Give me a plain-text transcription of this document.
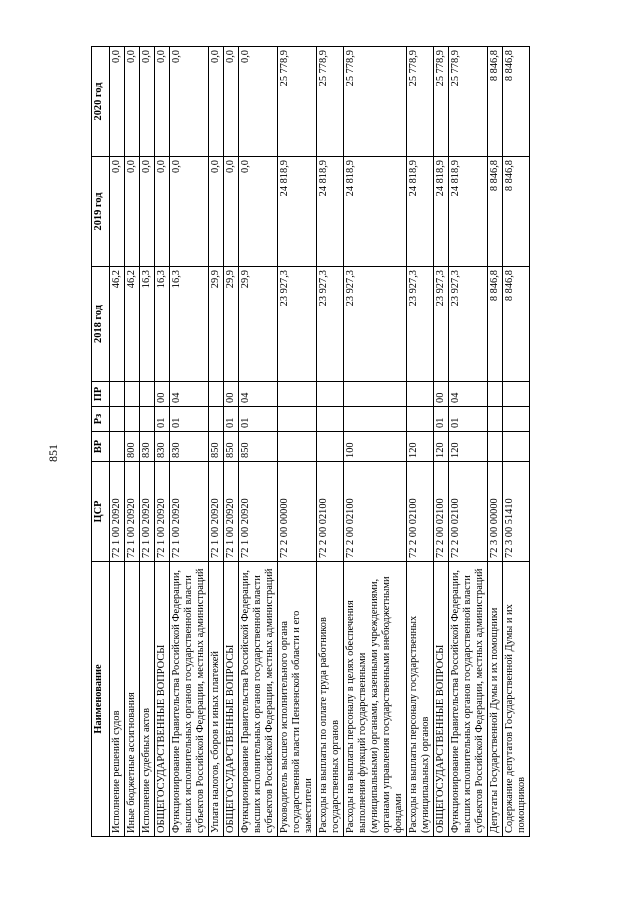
851
Наименование	ЦСР	ВР	Рз	ПР	2018 год	2019 год	2020 год
Исполнение решений судов	72 1 00 20920				46,2	0,0	0,0
Иные бюджетные ассигнования	72 1 00 20920	800			46,2	0,0	0,0
Исполнение судебных актов	72 1 00 20920	830			16,3	0,0	0,0
ОБЩЕГОСУДАРСТВЕННЫЕ ВОПРОСЫ	72 1 00 20920	830	01	00	16,3	0,0	0,0
Функционирование Правительства Российской Федерации, высших исполнительных органов государственной власти субъектов Российской Федерации, местных администраций	72 1 00 20920	830	01	04	16,3	0,0	0,0
Уплата налогов, сборов и иных платежей	72 1 00 20920	850			29,9	0,0	0,0
ОБЩЕГОСУДАРСТВЕННЫЕ ВОПРОСЫ	72 1 00 20920	850	01	00	29,9	0,0	0,0
Функционирование Правительства Российской Федерации, высших исполнительных органов государственной власти субъектов Российской Федерации, местных администраций	72 1 00 20920	850	01	04	29,9	0,0	0,0
Руководитель высшего исполнительного органа государственной власти Пензенской области и его заместители	72 2 00 00000				23 927,3	24 818,9	25 778,9
Расходы на выплаты по оплате труда работников государственных органов	72 2 00 02100				23 927,3	24 818,9	25 778,9
Расходы на выплаты персоналу в целях обеспечения выполнения функций государственными (муниципальными) органами, казенными учреждениями, органами управления государственными внебюджетными фондами	72 2 00 02100	100			23 927,3	24 818,9	25 778,9
Расходы на выплаты персоналу государственных (муниципальных) органов	72 2 00 02100	120			23 927,3	24 818,9	25 778,9
ОБЩЕГОСУДАРСТВЕННЫЕ ВОПРОСЫ	72 2 00 02100	120	01	00	23 927,3	24 818,9	25 778,9
Функционирование Правительства Российской Федерации, высших исполнительных органов государственной власти субъектов Российской Федерации, местных администраций	72 2 00 02100	120	01	04	23 927,3	24 818,9	25 778,9
Депутаты Государственной Думы и их помощники	72 3 00 00000				8 846,8	8 846,8	8 846,8
Содержание депутатов Государственной Думы и их помощников	72 3 00 51410				8 846,8	8 846,8	8 846,8
